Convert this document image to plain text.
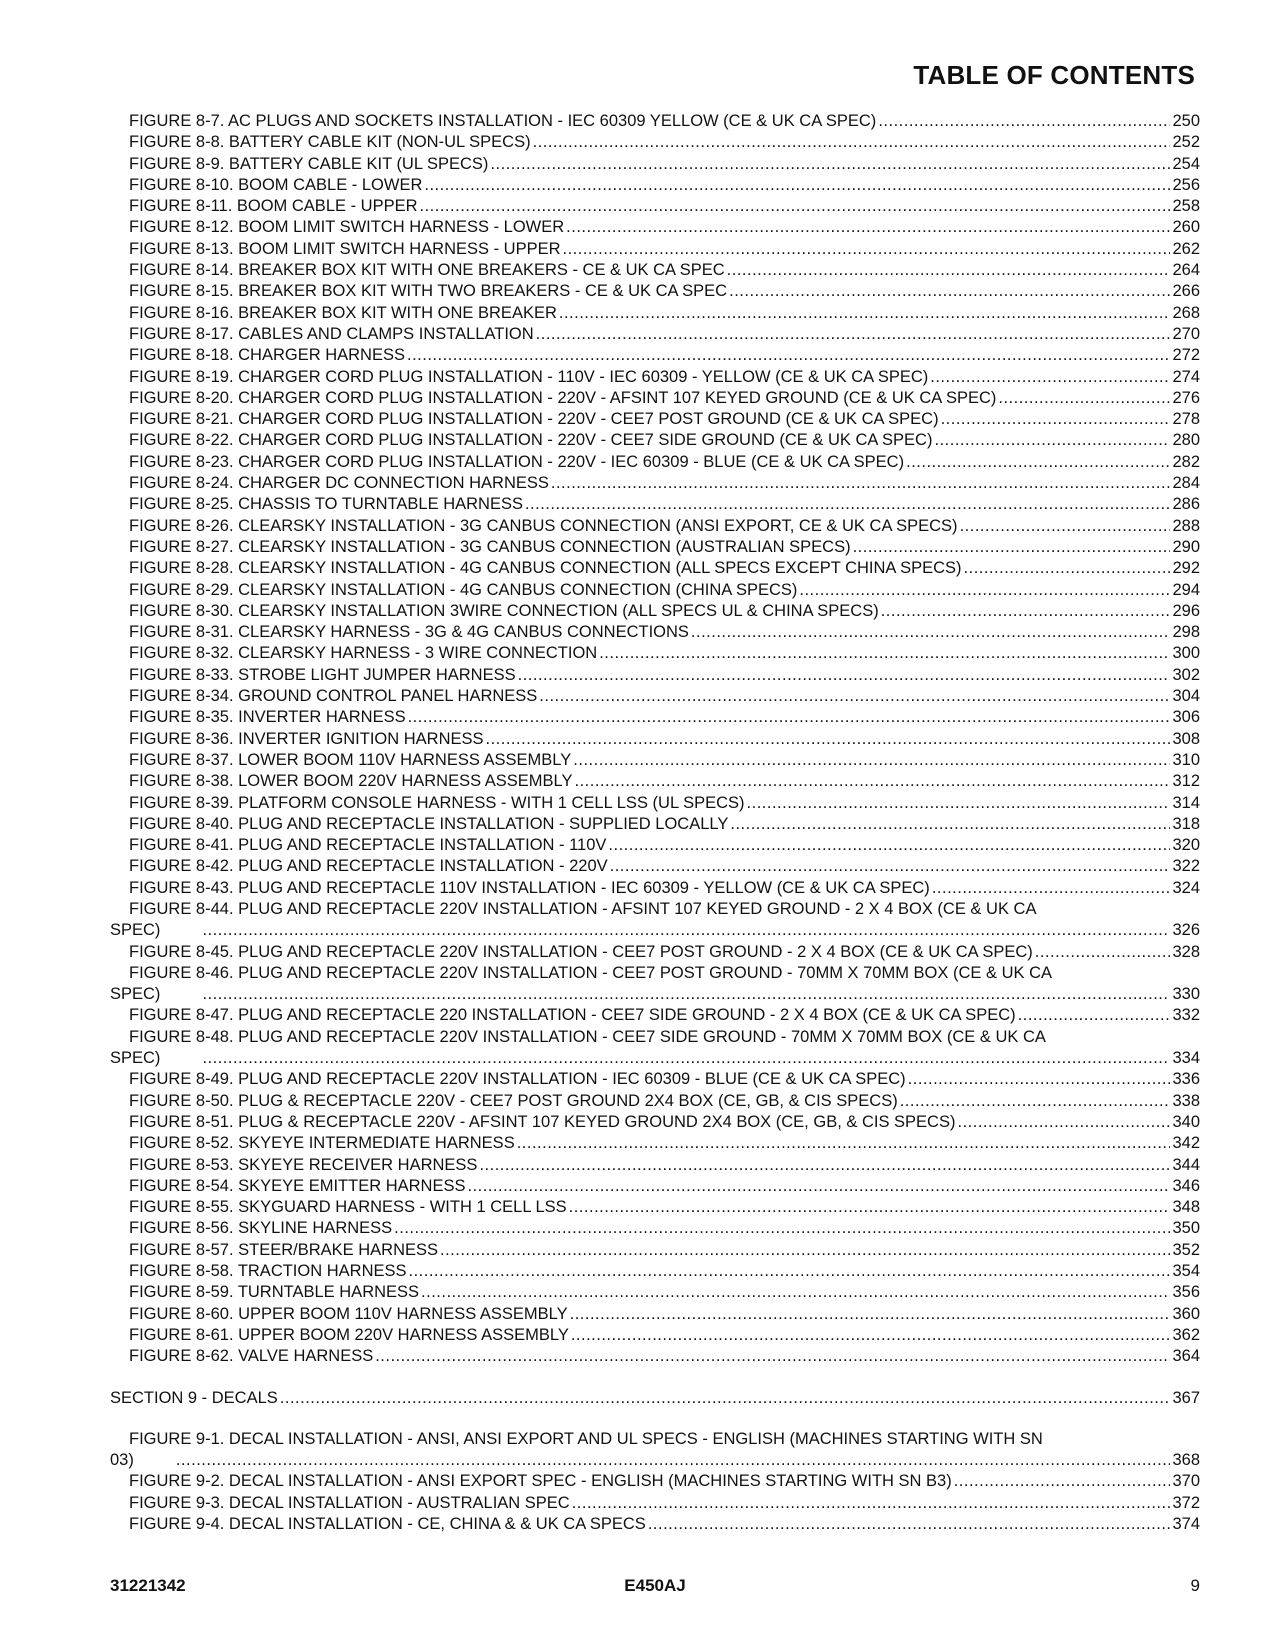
TABLE OF CONTENTS
FIGURE 8-7. AC PLUGS AND SOCKETS INSTALLATION - IEC 60309 YELLOW (CE & UK CA SPEC) .....	250
FIGURE 8-8. BATTERY CABLE KIT (NON-UL SPECS) .....	252
FIGURE 8-9. BATTERY CABLE KIT (UL SPECS) .....	254
FIGURE 8-10. BOOM CABLE - LOWER .....	256
FIGURE 8-11. BOOM CABLE - UPPER .....	258
FIGURE 8-12. BOOM LIMIT SWITCH HARNESS - LOWER .....	260
FIGURE 8-13. BOOM LIMIT SWITCH HARNESS - UPPER .....	262
FIGURE 8-14. BREAKER BOX KIT WITH ONE BREAKERS - CE & UK CA SPEC .....	264
FIGURE 8-15. BREAKER BOX KIT WITH TWO BREAKERS - CE & UK CA SPEC .....	266
FIGURE 8-16. BREAKER BOX KIT WITH ONE BREAKER .....	268
FIGURE 8-17. CABLES AND CLAMPS INSTALLATION .....	270
FIGURE 8-18. CHARGER HARNESS .....	272
FIGURE 8-19. CHARGER CORD PLUG INSTALLATION - 110V - IEC 60309 - YELLOW (CE & UK CA SPEC) .....	274
FIGURE 8-20. CHARGER CORD PLUG INSTALLATION - 220V - AFSINT 107 KEYED GROUND (CE & UK CA SPEC) .....	276
FIGURE 8-21. CHARGER CORD PLUG INSTALLATION - 220V - CEE7 POST GROUND (CE & UK CA SPEC) .....	278
FIGURE 8-22. CHARGER CORD PLUG INSTALLATION - 220V - CEE7 SIDE GROUND (CE & UK CA SPEC) .....	280
FIGURE 8-23. CHARGER CORD PLUG INSTALLATION - 220V - IEC 60309 - BLUE (CE & UK CA SPEC) .....	282
FIGURE 8-24. CHARGER DC CONNECTION HARNESS .....	284
FIGURE 8-25. CHASSIS TO TURNTABLE HARNESS .....	286
FIGURE 8-26. CLEARSKY INSTALLATION - 3G CANBUS CONNECTION (ANSI EXPORT, CE & UK CA SPECS) .....	288
FIGURE 8-27. CLEARSKY INSTALLATION - 3G CANBUS CONNECTION (AUSTRALIAN SPECS) .....	290
FIGURE 8-28. CLEARSKY INSTALLATION - 4G CANBUS CONNECTION (ALL SPECS EXCEPT CHINA SPECS) .....	292
FIGURE 8-29. CLEARSKY INSTALLATION - 4G CANBUS CONNECTION (CHINA SPECS) .....	294
FIGURE 8-30. CLEARSKY INSTALLATION 3WIRE CONNECTION (ALL SPECS UL & CHINA SPECS) .....	296
FIGURE 8-31. CLEARSKY HARNESS - 3G & 4G CANBUS CONNECTIONS .....	298
FIGURE 8-32. CLEARSKY HARNESS - 3 WIRE CONNECTION .....	300
FIGURE 8-33. STROBE LIGHT JUMPER HARNESS .....	302
FIGURE 8-34. GROUND CONTROL PANEL HARNESS .....	304
FIGURE 8-35. INVERTER HARNESS .....	306
FIGURE 8-36. INVERTER IGNITION HARNESS .....	308
FIGURE 8-37. LOWER BOOM 110V HARNESS ASSEMBLY .....	310
FIGURE 8-38. LOWER BOOM 220V HARNESS ASSEMBLY .....	312
FIGURE 8-39. PLATFORM CONSOLE HARNESS - WITH 1 CELL LSS (UL SPECS) .....	314
FIGURE 8-40. PLUG AND RECEPTACLE INSTALLATION - SUPPLIED LOCALLY .....	318
FIGURE 8-41. PLUG AND RECEPTACLE INSTALLATION - 110V .....	320
FIGURE 8-42. PLUG AND RECEPTACLE INSTALLATION - 220V .....	322
FIGURE 8-43. PLUG AND RECEPTACLE 110V INSTALLATION - IEC 60309 - YELLOW (CE & UK CA SPEC) .....	324
FIGURE 8-44. PLUG AND RECEPTACLE 220V INSTALLATION - AFSINT 107 KEYED GROUND - 2 X 4 BOX (CE & UK CA
SPEC) .....	326
FIGURE 8-45. PLUG AND RECEPTACLE 220V INSTALLATION - CEE7 POST GROUND - 2 X 4 BOX (CE & UK CA SPEC) .....	328
FIGURE 8-46. PLUG AND RECEPTACLE 220V INSTALLATION - CEE7 POST GROUND - 70MM X 70MM BOX (CE & UK CA
SPEC) .....	330
FIGURE 8-47. PLUG AND RECEPTACLE 220 INSTALLATION - CEE7 SIDE GROUND - 2 X 4 BOX (CE & UK CA SPEC) .....	332
FIGURE 8-48. PLUG AND RECEPTACLE 220V INSTALLATION - CEE7 SIDE GROUND - 70MM X 70MM BOX (CE & UK CA
SPEC) .....	334
FIGURE 8-49. PLUG AND RECEPTACLE 220V INSTALLATION - IEC 60309 - BLUE (CE & UK CA SPEC) .....	336
FIGURE 8-50. PLUG & RECEPTACLE 220V - CEE7 POST GROUND 2X4 BOX (CE, GB, & CIS SPECS) .....	338
FIGURE 8-51. PLUG & RECEPTACLE 220V - AFSINT 107 KEYED GROUND 2X4 BOX (CE, GB, & CIS SPECS) .....	340
FIGURE 8-52. SKYEYE INTERMEDIATE HARNESS .....	342
FIGURE 8-53. SKYEYE RECEIVER HARNESS .....	344
FIGURE 8-54. SKYEYE EMITTER HARNESS .....	346
FIGURE 8-55. SKYGUARD HARNESS - WITH 1 CELL LSS .....	348
FIGURE 8-56. SKYLINE HARNESS .....	350
FIGURE 8-57. STEER/BRAKE HARNESS .....	352
FIGURE 8-58. TRACTION HARNESS .....	354
FIGURE 8-59. TURNTABLE HARNESS .....	356
FIGURE 8-60. UPPER BOOM 110V HARNESS ASSEMBLY .....	360
FIGURE 8-61. UPPER BOOM 220V HARNESS ASSEMBLY .....	362
FIGURE 8-62. VALVE HARNESS .....	364
SECTION 9 - DECALS .....	367
FIGURE 9-1. DECAL INSTALLATION - ANSI, ANSI EXPORT AND UL SPECS - ENGLISH (MACHINES STARTING WITH SN
03) .....	368
FIGURE 9-2. DECAL INSTALLATION - ANSI EXPORT SPEC - ENGLISH (MACHINES STARTING WITH SN B3) .....	370
FIGURE 9-3. DECAL INSTALLATION - AUSTRALIAN SPEC .....	372
FIGURE 9-4. DECAL INSTALLATION - CE, CHINA & & UK CA SPECS .....	374
31221342	E450AJ	9
